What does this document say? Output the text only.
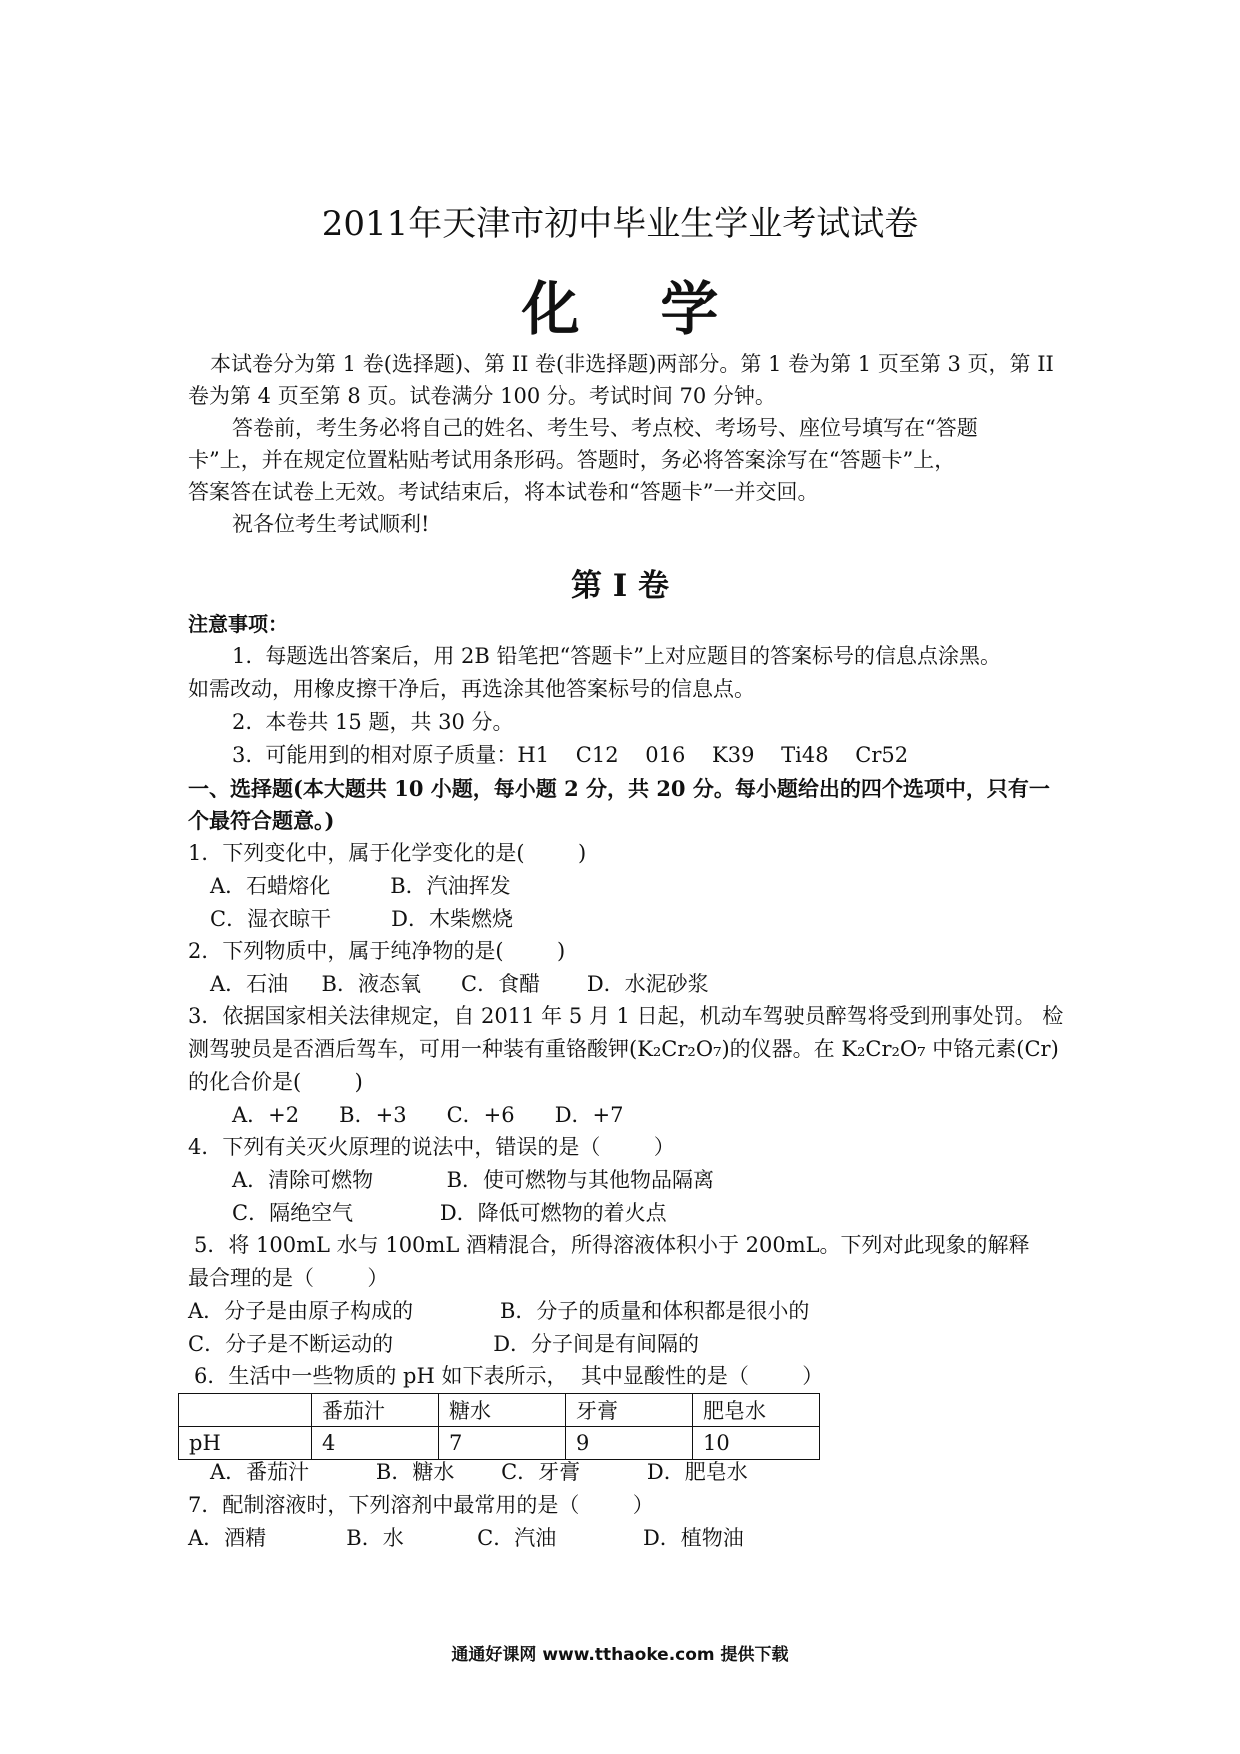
2011年天津市初中毕业生学业考试试卷
化    学
本试卷分为第 1 卷(选择题)、第 II 卷(非选择题)两部分。第 1 卷为第 1 页至第 3 页，第 II
卷为第 4 页至第 8 页。试卷满分 100 分。考试时间 70 分钟。
答卷前，考生务必将自己的姓名、考生号、考点校、考场号、座位号填写在“答题
卡”上，并在规定位置粘贴考试用条形码。答题时，务必将答案涂写在“答题卡”上，
答案答在试卷上无效。考试结束后，将本试卷和“答题卡”一并交回。
祝各位考生考试顺利!
第 I 卷
注意事项：
1.  每题选出答案后，用 2B 铅笔把“答题卡”上对应题目的答案标号的信息点涂黑。
如需改动，用橡皮擦干净后，再选涂其他答案标号的信息点。
2.  本卷共 15 题，共 30 分。
3.  可能用到的相对原子质量：H1    C12    016    K39    Ti48    Cr52
一、选择题(本大题共 10 小题，每小题 2 分，共 20 分。每小题给出的四个选项中，只有一
个最符合题意。)
1．下列变化中，属于化学变化的是(        )
A．石蜡熔化         B．汽油挥发
C．湿衣晾干         D．木柴燃烧
2．下列物质中，属于纯净物的是(        )
A．石油     B．液态氧      C．食醋       D．水泥砂浆
3．依据国家相关法律规定，自 2011 年 5 月 1 日起，机动车驾驶员醉驾将受到刑事处罚。 检
测驾驶员是否酒后驾车，可用一种装有重铬酸钾(K₂Cr₂O₇)的仪器。在 K₂Cr₂O₇ 中铬元素(Cr)
的化合价是(        )
A．+2      B．+3      C．+6      D．+7
4．下列有关灭火原理的说法中，错误的是（        ）
A．清除可燃物           B．使可燃物与其他物品隔离
C．隔绝空气             D．降低可燃物的着火点
5．将 100mL 水与 100mL 酒精混合，所得溶液体积小于 200mL。下列对此现象的解释
最合理的是（        ）
A．分子是由原子构成的             B．分子的质量和体积都是很小的
C．分子是不断运动的               D．分子间是有间隔的
6．生活中一些物质的 pH 如下表所示，  其中显酸性的是（        ）
	番茄汁	糖水	牙膏	肥皂水
pH	4	7	9	10
A．番茄汁          B．糖水       C．牙膏          D．肥皂水
7．配制溶液时，下列溶剂中最常用的是（        ）
A．酒精            B．水           C．汽油             D．植物油
通通好课网 www.tthaoke.com 提供下载
